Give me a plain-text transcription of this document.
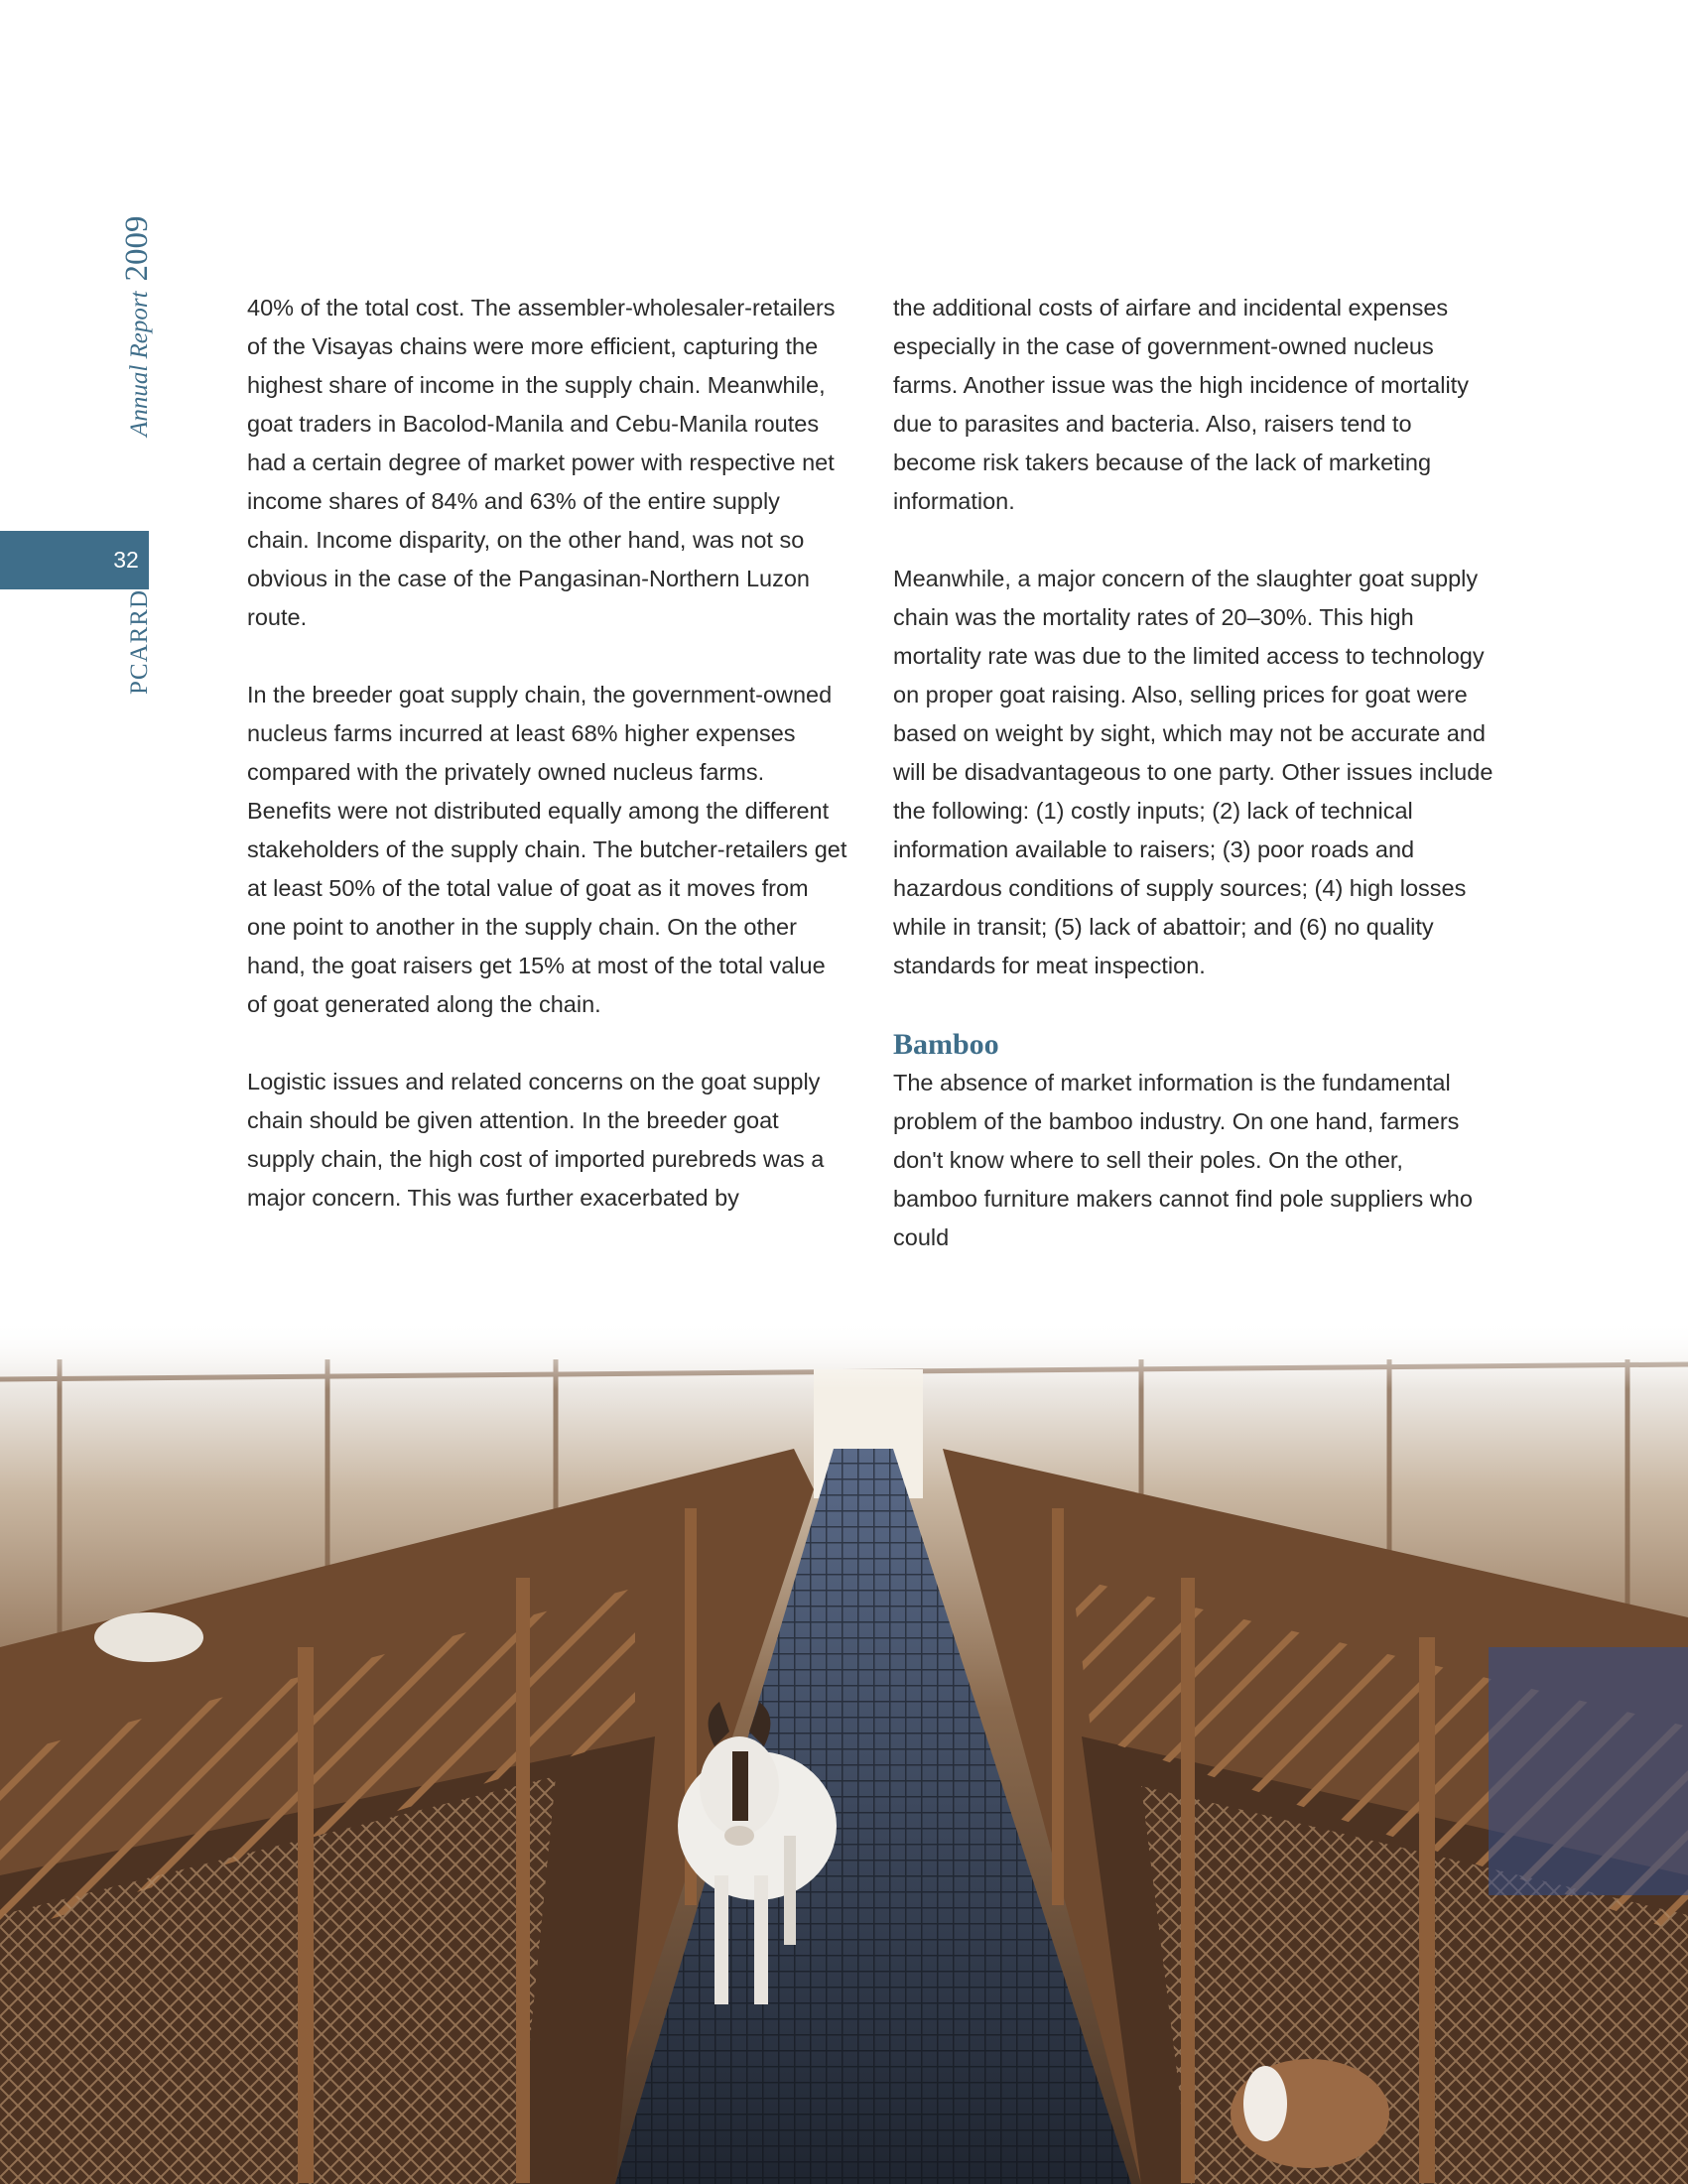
PCARRD Annual Report 2009
32

40% of the total cost. The assembler-wholesaler-retailers of the Visayas chains were more efficient, capturing the highest share of income in the supply chain. Meanwhile, goat traders in Bacolod-Manila and Cebu-Manila routes had a certain degree of market power with respective net income shares of 84% and 63% of the entire supply chain. Income disparity, on the other hand, was not so obvious in the case of the Pangasinan-Northern Luzon route.

In the breeder goat supply chain, the government-owned nucleus farms incurred at least 68% higher expenses compared with the privately owned nucleus farms. Benefits were not distributed equally among the different stakeholders of the supply chain. The butcher-retailers get at least 50% of the total value of goat as it moves from one point to another in the supply chain. On the other hand, the goat raisers get 15% at most of the total value of goat generated along the chain.

Logistic issues and related concerns on the goat supply chain should be given attention. In the breeder goat supply chain, the high cost of imported purebreds was a major concern. This was further exacerbated by

the additional costs of airfare and incidental expenses especially in the case of government-owned nucleus farms. Another issue was the high incidence of mortality due to parasites and bacteria. Also, raisers tend to become risk takers because of the lack of marketing information.

Meanwhile, a major concern of the slaughter goat supply chain was the mortality rates of 20–30%. This high mortality rate was due to the limited access to technology on proper goat raising. Also, selling prices for goat were based on weight by sight, which may not be accurate and will be disadvantageous to one party. Other issues include the following: (1) costly inputs; (2) lack of technical information available to raisers; (3) poor roads and hazardous conditions of supply sources; (4) high losses while in transit; (5) lack of abattoir; and (6) no quality standards for meat inspection.

Bamboo

The absence of market information is the fundamental problem of the bamboo industry. On one hand, farmers don't know where to sell their poles. On the other, bamboo furniture makers cannot find pole suppliers who could
